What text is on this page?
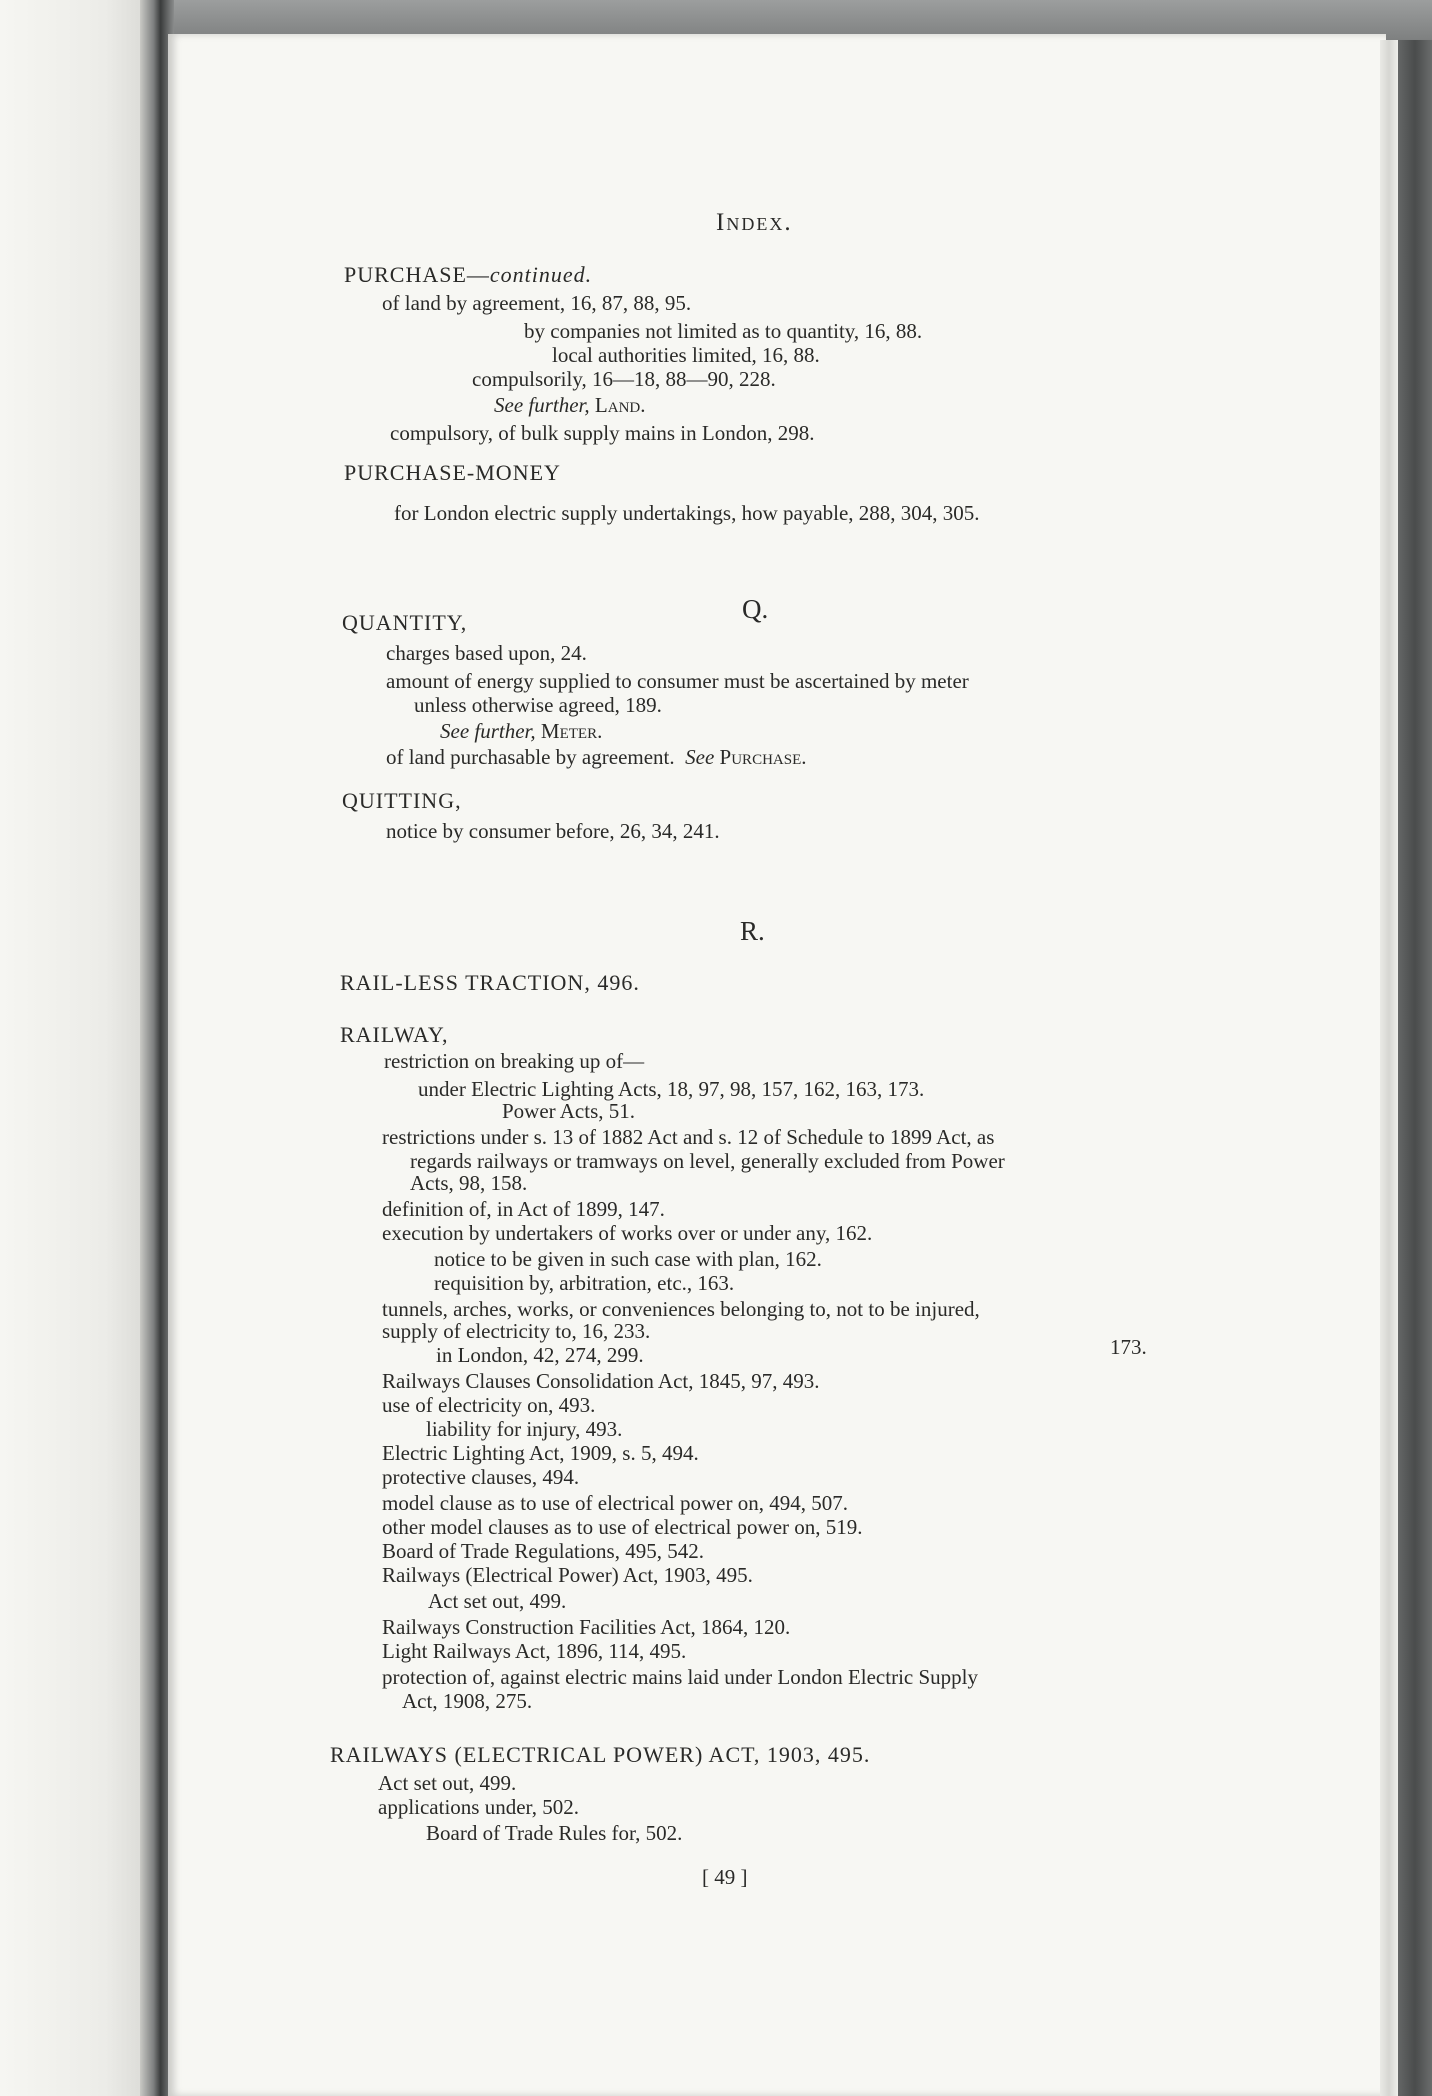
Index.

PURCHASE—continued.

of land by agreement, 16, 87, 88, 95.

by companies not limited as to quantity, 16, 88.

local authorities limited, 16, 88.

compulsorily, 16—18, 88—90, 228.

See further, Land.

compulsory, of bulk supply mains in London, 298.

PURCHASE-MONEY

for London electric supply undertakings, how payable, 288, 304, 305.

Q.

QUANTITY,

charges based upon, 24.

amount of energy supplied to consumer must be ascertained by meter

unless otherwise agreed, 189.

See further, Meter.

of land purchasable by agreement. See Purchase.

QUITTING,

notice by consumer before, 26, 34, 241.

R.

RAIL-LESS TRACTION, 496.

RAILWAY,

restriction on breaking up of—

under Electric Lighting Acts, 18, 97, 98, 157, 162, 163, 173.

Power Acts, 51.

restrictions under s. 13 of 1882 Act and s. 12 of Schedule to 1899 Act, as

regards railways or tramways on level, generally excluded from Power

Acts, 98, 158.

definition of, in Act of 1899, 147.

execution by undertakers of works over or under any, 162.

notice to be given in such case with plan, 162.

requisition by, arbitration, etc., 163.

tunnels, arches, works, or conveniences belonging to, not to be injured,

supply of electricity to, 16, 233.

173.

in London, 42, 274, 299.

Railways Clauses Consolidation Act, 1845, 97, 493.

use of electricity on, 493.

liability for injury, 493.

Electric Lighting Act, 1909, s. 5, 494.

protective clauses, 494.

model clause as to use of electrical power on, 494, 507.

other model clauses as to use of electrical power on, 519.

Board of Trade Regulations, 495, 542.

Railways (Electrical Power) Act, 1903, 495.

Act set out, 499.

Railways Construction Facilities Act, 1864, 120.

Light Railways Act, 1896, 114, 495.

protection of, against electric mains laid under London Electric Supply

Act, 1908, 275.

RAILWAYS (ELECTRICAL POWER) ACT, 1903, 495.

Act set out, 499.

applications under, 502.

Board of Trade Rules for, 502.

[ 49 ]
